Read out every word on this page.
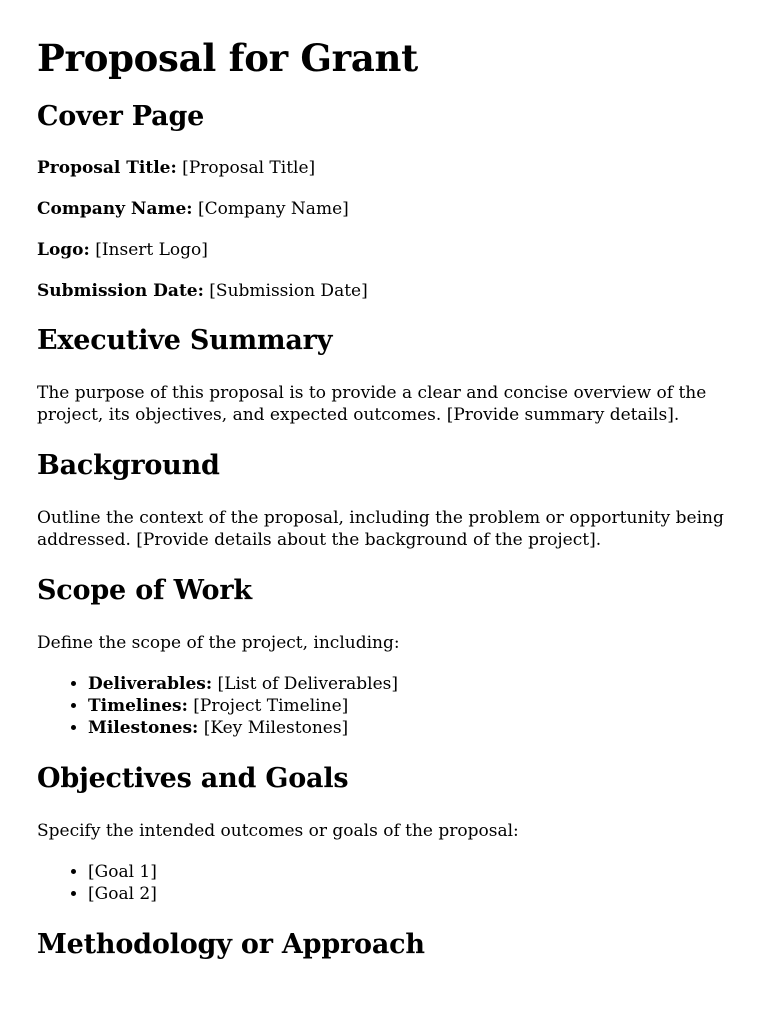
Proposal for Grant
Cover Page

Proposal Title: [Proposal Title]

Company Name: [Company Name]

Logo: [Insert Logo]

Submission Date: [Submission Date]

Executive Summary

The purpose of this proposal is to provide a clear and concise overview of the project, its objectives, and expected outcomes. [Provide summary details].

Background

Outline the context of the proposal, including the problem or opportunity being addressed. [Provide details about the background of the project].

Scope of Work

Define the scope of the project, including:

• Deliverables: [List of Deliverables]
• Timelines: [Project Timeline]
• Milestones: [Key Milestones]
Objectives and Goals

Specify the intended outcomes or goals of the proposal:

• [Goal 1]
• [Goal 2]
Methodology or Approach
